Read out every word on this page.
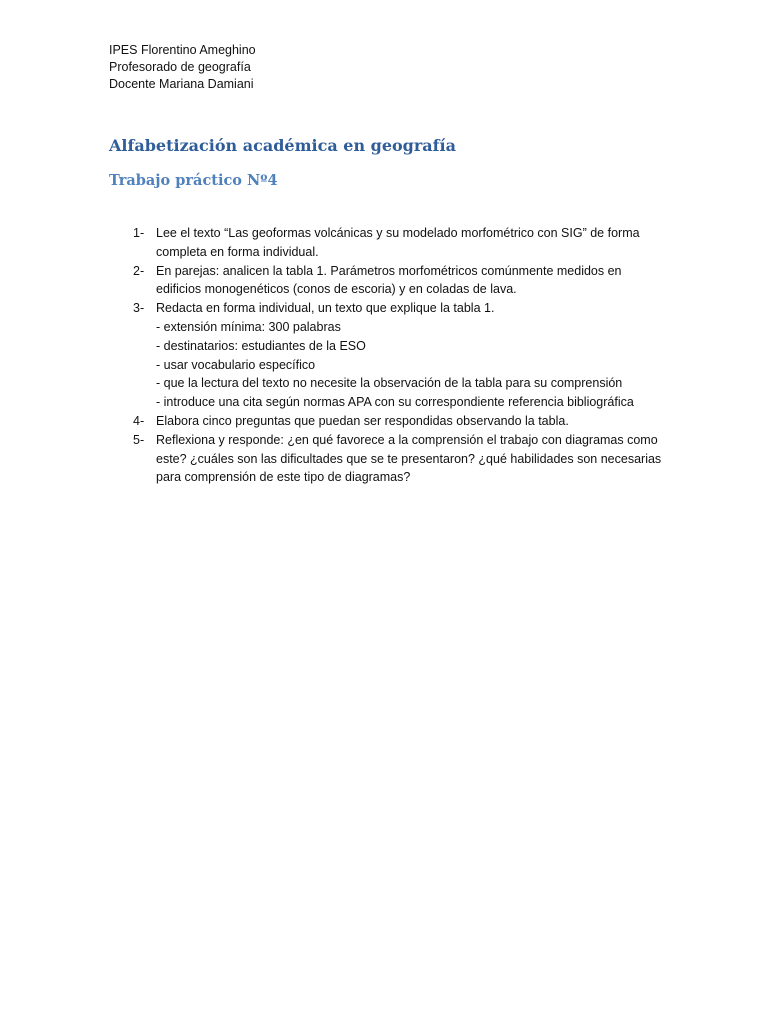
IPES Florentino Ameghino
Profesorado de geografía
Docente Mariana Damiani
Alfabetización académica en geografía
Trabajo práctico Nº4
1- Lee el texto “Las geoformas volcánicas y su modelado morfométrico con SIG” de forma completa en forma individual.
2- En parejas: analicen la tabla 1. Parámetros morfométricos comúnmente medidos en edificios monogenéticos (conos de escoria) y en coladas de lava.
3- Redacta en forma individual, un texto que explique la tabla 1.
- extensión mínima: 300 palabras
- destinatarios: estudiantes de la ESO
- usar vocabulario específico
- que la lectura del texto no necesite la observación de la tabla para su comprensión
- introduce una cita según normas APA con su correspondiente referencia bibliográfica
4- Elabora cinco preguntas que puedan ser respondidas observando la tabla.
5- Reflexiona y responde: ¿en qué favorece a la comprensión el trabajo con diagramas como este? ¿cuáles son las dificultades que se te presentaron? ¿qué habilidades son necesarias para comprensión de este tipo de diagramas?
